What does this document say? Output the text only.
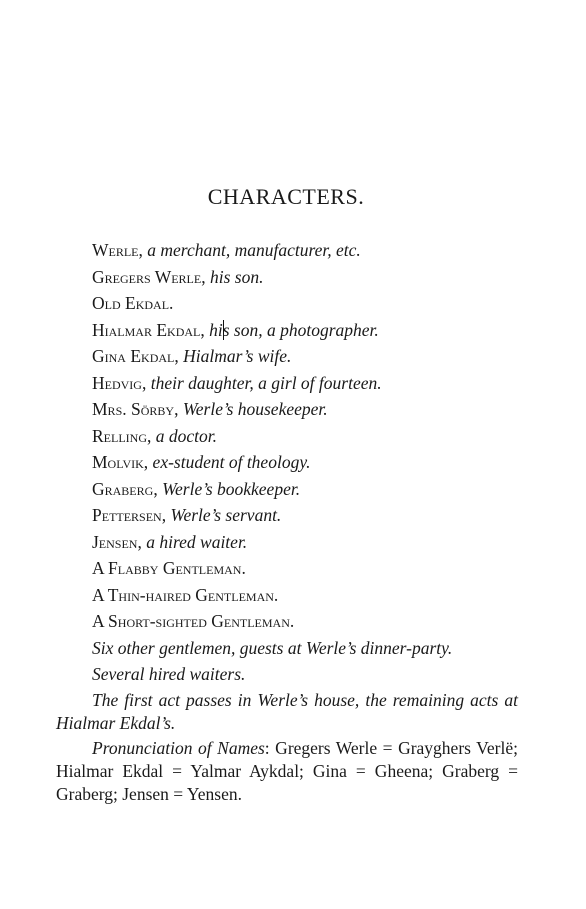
CHARACTERS.
Werle, a merchant, manufacturer, etc.
Gregers Werle, his son.
Old Ekdal.
Hialmar Ekdal, his son, a photographer.
Gina Ekdal, Hialmar’s wife.
Hedvig, their daughter, a girl of fourteen.
Mrs. Sörby, Werle’s housekeeper.
Relling, a doctor.
Molvik, ex-student of theology.
Graberg, Werle’s bookkeeper.
Pettersen, Werle’s servant.
Jensen, a hired waiter.
A Flabby Gentleman.
A Thin-haired Gentleman.
A Short-sighted Gentleman.
Six other gentlemen, guests at Werle’s dinner-party.
Several hired waiters.
The first act passes in Werle’s house, the remaining acts at Hialmar Ekdal’s.
Pronunciation of Names: Gregers Werle = Grayghers Verlë; Hialmar Ekdal = Yalmar Aykdal; Gina = Gheena; Graberg = Graberg; Jensen = Yensen.
